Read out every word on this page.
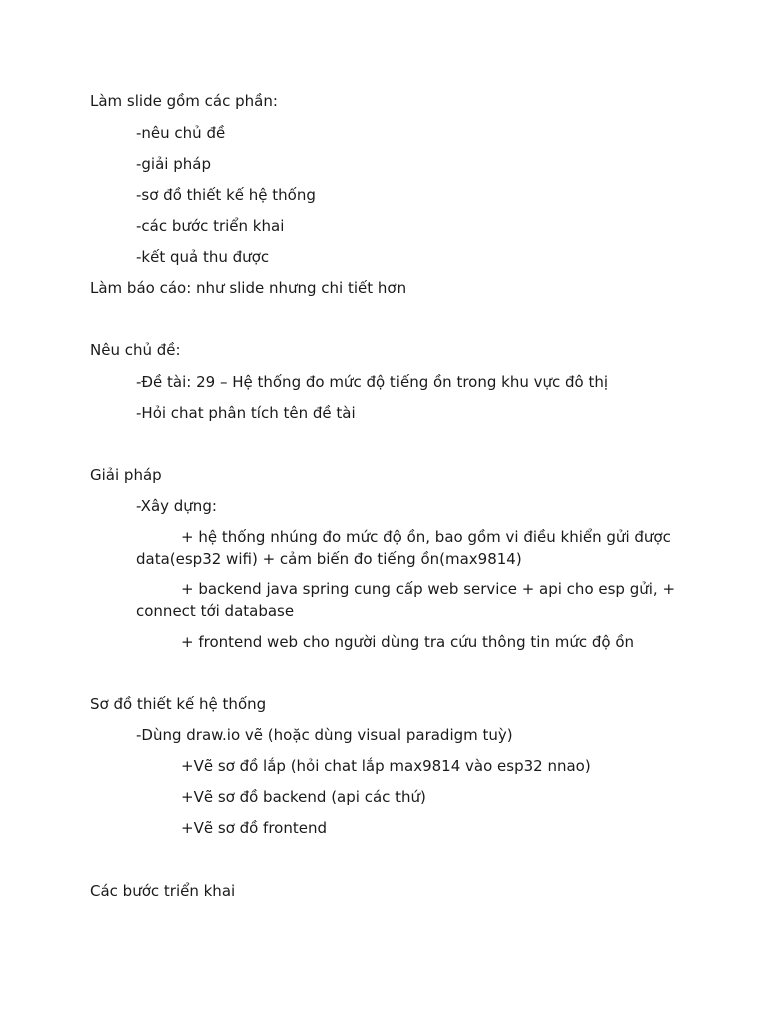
Làm slide gồm các phần:
-nêu chủ đề
-giải pháp
-sơ đồ thiết kế hệ thống
-các bước triển khai
-kết quả thu được
Làm báo cáo: như slide nhưng chi tiết hơn
Nêu chủ đề:
-Đề tài: 29 – Hệ thống đo mức độ tiếng ồn trong khu vực đô thị
-Hỏi chat phân tích tên đề tài
Giải pháp
-Xây dựng:
+ hệ thống nhúng đo mức độ ồn, bao gồm vi điều khiển gửi được data(esp32 wifi) + cảm biến đo tiếng ồn(max9814)
+ backend java spring cung cấp web service + api cho esp gửi, + connect tới database
+ frontend web cho người dùng tra cứu thông tin mức độ ồn
Sơ đồ thiết kế hệ thống
-Dùng draw.io vẽ (hoặc dùng visual paradigm tuỳ)
+Vẽ sơ đồ lắp (hỏi chat lắp max9814 vào esp32 nnao)
+Vẽ sơ đồ backend (api các thứ)
+Vẽ sơ đồ frontend
Các bước triển khai
